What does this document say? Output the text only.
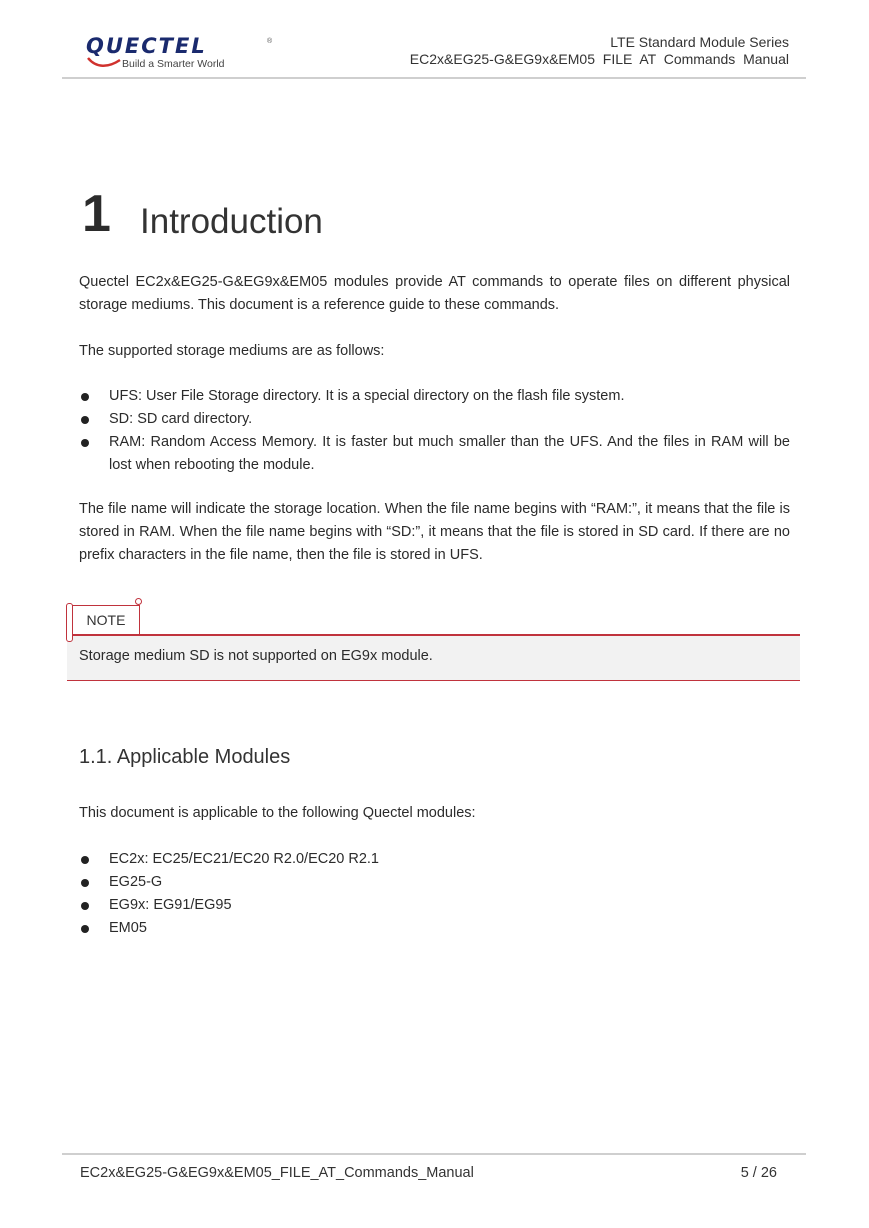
QUECTEL	®
Build a Smarter World
LTE Standard Module Series
EC2x&EG25-G&EG9x&EM05  FILE  AT  Commands  Manual
1 Introduction

Quectel EC2x&EG25-G&EG9x&EM05 modules provide AT commands to operate files on different physical storage mediums. This document is a reference guide to these commands.

The supported storage mediums are as follows:

UFS: User File Storage directory. It is a special directory on the flash file system.
SD: SD card directory.
RAM: Random Access Memory. It is faster but much smaller than the UFS. And the files in RAM will be lost when rebooting the module.

The file name will indicate the storage location. When the file name begins with “RAM:”, it means that the file is stored in RAM. When the file name begins with “SD:”, it means that the file is stored in SD card. If there are no prefix characters in the file name, then the file is stored in UFS.

NOTE
Storage medium SD is not supported on EG9x module.
1.1. Applicable Modules

This document is applicable to the following Quectel modules:

EC2x: EC25/EC21/EC20 R2.0/EC20 R2.1
EG25-G
EG9x: EG91/EG95
EM05
EC2x&EG25-G&EG9x&EM05_FILE_AT_Commands_Manual	5 / 26
